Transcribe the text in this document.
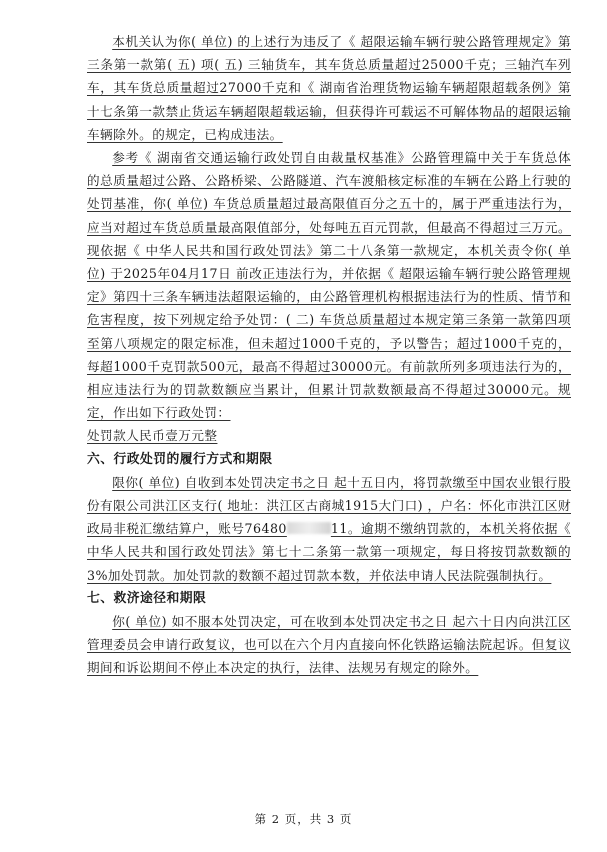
本机关认为你( 单位) 的上述行为违反了《 超限运输车辆行驶公路管理规定》第三条第一款第( 五) 项( 五) 三轴货车，其车货总质量超过25000千克；三轴汽车列车，其车货总质量超过27000千克和《 湖南省治理货物运输车辆超限超载条例》第十七条第一款禁止货运车辆超限超载运输，但获得许可载运不可解体物品的超限运输车辆除外。的规定，已构成违法。

参考《 湖南省交通运输行政处罚自由裁量权基准》公路管理篇中关于车货总体的总质量超过公路、公路桥梁、公路隧道、汽车渡船核定标准的车辆在公路上行驶的处罚基准，你( 单位) 车货总质量超过最高限值百分之五十的，属于严重违法行为，应当对超过车货总质量最高限值部分，处每吨五百元罚款，但最高不得超过三万元。现依据《 中华人民共和国行政处罚法》第二十八条第一款规定，本机关责令你( 单位) 于2025年04月17日 前改正违法行为，并依据《 超限运输车辆行驶公路管理规定》第四十三条车辆违法超限运输的，由公路管理机构根据违法行为的性质、情节和危害程度，按下列规定给予处罚：( 二) 车货总质量超过本规定第三条第一款第四项至第八项规定的限定标准，但未超过1000千克的，予以警告；超过1000千克的，每超1000千克罚款500元，最高不得超过30000元。有前款所列多项违法行为的，相应违法行为的罚款数额应当累计，但累计罚款数额最高不得超过30000元。规定，作出如下行政处罚：

处罚款人民币壹万元整

六、行政处罚的履行方式和期限

限你( 单位) 自收到本处罚决定书之日 起十五日内，将罚款缴至中国农业银行股份有限公司洪江区支行( 地址：洪江区古商城1915大门口) ，户名：怀化市洪江区财政局非税汇缴结算户，账号76480	11。逾期不缴纳罚款的，本机关将依据《 中华人民共和国行政处罚法》第七十二条第一款第一项规定，每日将按罚款数额的3%加处罚款。加处罚款的数额不超过罚款本数，并依法申请人民法院强制执行。

七、救济途径和期限

你( 单位) 如不服本处罚决定，可在收到本处罚决定书之日 起六十日内向洪江区管理委员会申请行政复议，也可以在六个月内直接向怀化铁路运输法院起诉。但复议期间和诉讼期间不停止本决定的执行，法律、法规另有规定的除外。

第 2 页，共 3 页
